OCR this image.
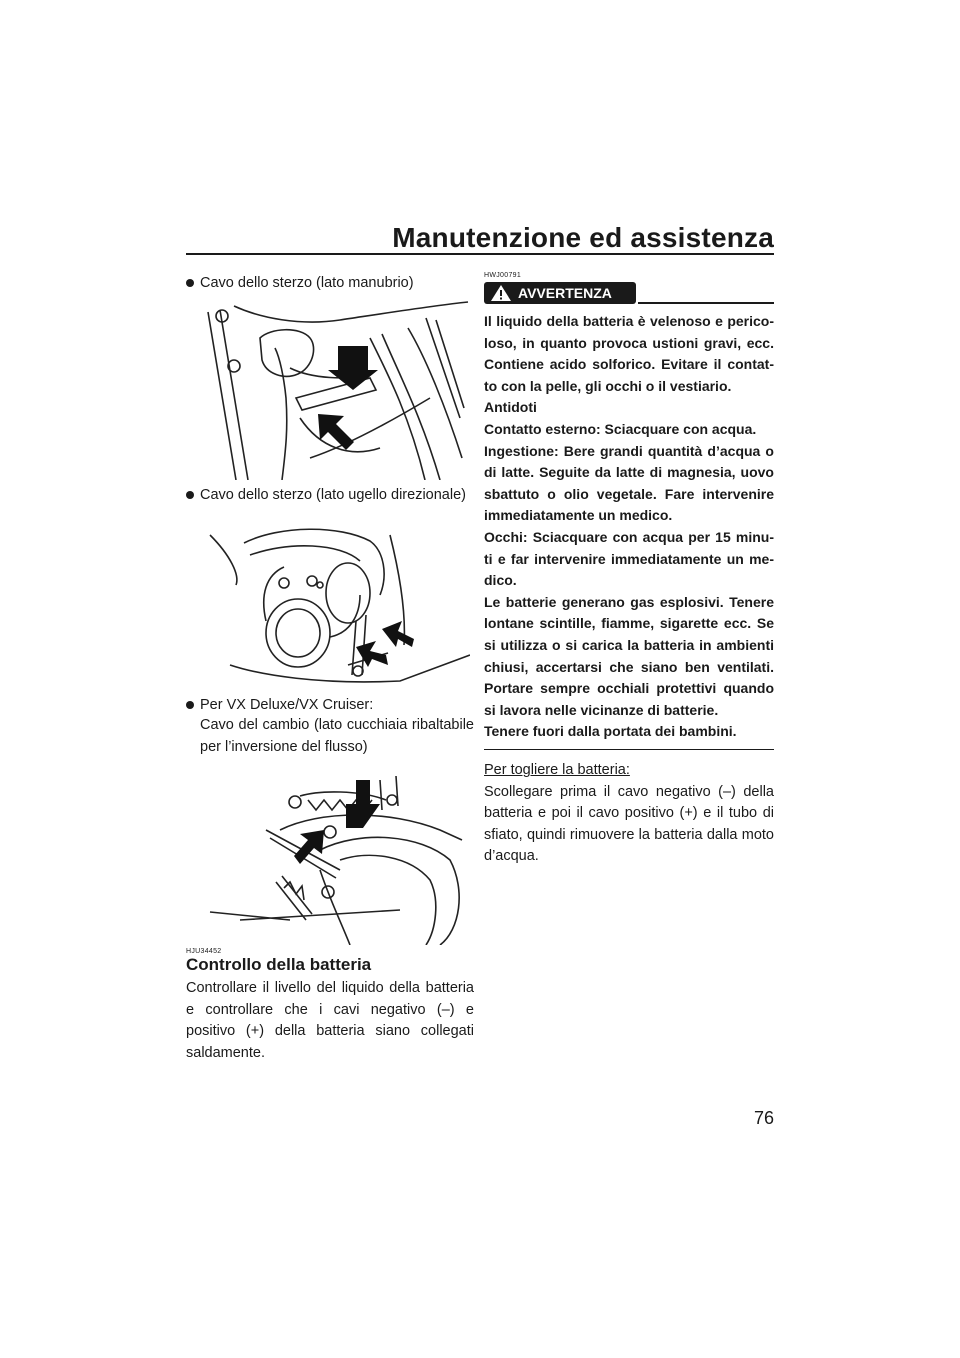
Manutenzione ed assistenza
Cavo dello sterzo (lato manubrio)
Cavo dello sterzo (lato ugello direzionale)
Per VX Deluxe/VX Cruiser:
Cavo del cambio (lato cucchiaia ribaltabile per l’inversione del flusso)
HJU34452
Controllo della batteria
Controllare il livello del liquido della batteria e controllare che i cavi negativo (–) e positivo (+) della batteria siano collegati saldamente.
HWJ00791
AVVERTENZA
Il liquido della batteria è velenoso e perico-loso, in quanto provoca ustioni gravi, ecc. Contiene acido solforico. Evitare il contat-to con la pelle, gli occhi o il vestiario.
Antidoti
Contatto esterno: Sciacquare con acqua.
Ingestione: Bere grandi quantità d’acqua o di latte. Seguite da latte di magnesia, uovo sbattuto o olio vegetale. Fare intervenire immediatamente un medico.
Occhi: Sciacquare con acqua per 15 minu-ti e far intervenire immediatamente un me-dico.
Le batterie generano gas esplosivi. Tenere lontane scintille, fiamme, sigarette ecc. Se si utilizza o si carica la batteria in ambienti chiusi, accertarsi che siano ben ventilati. Portare sempre occhiali protettivi quando si lavora nelle vicinanze di batterie.
Tenere fuori dalla portata dei bambini.
Per togliere la batteria:
Scollegare prima il cavo negativo (–) della batteria e poi il cavo positivo (+) e il tubo di sfiato, quindi rimuovere la batteria dalla moto d’acqua.
76
